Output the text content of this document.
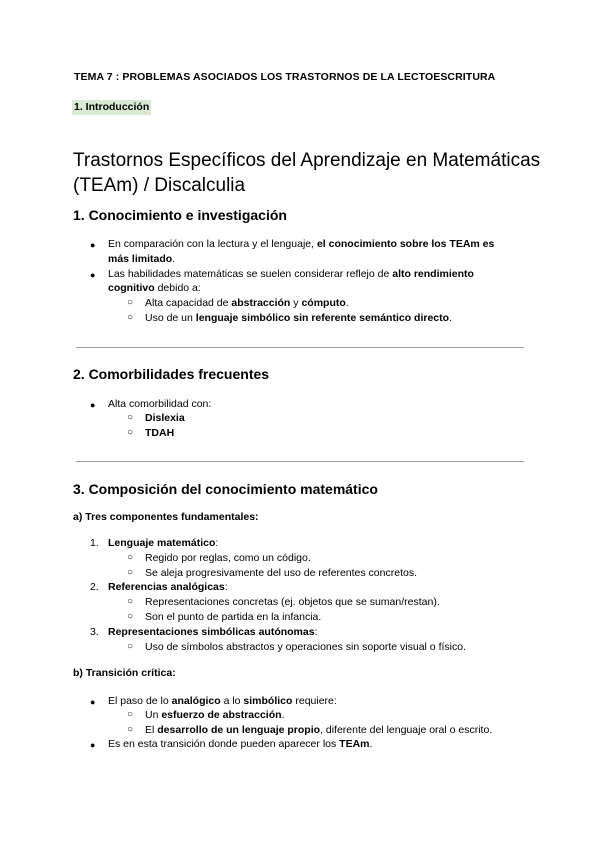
TEMA 7 : PROBLEMAS ASOCIADOS LOS TRASTORNOS DE LA LECTOESCRITURA
1. Introducción
Trastornos Específicos del Aprendizaje en Matemáticas (TEAm) / Discalculia
1. Conocimiento e investigación
● En comparación con la lectura y el lenguaje, el conocimiento sobre los TEAm es
más limitado.
● Las habilidades matemáticas se suelen considerar reflejo de alto rendimiento
cognitivo debido a:
○ Alta capacidad de abstracción y cómputo.
○ Uso de un lenguaje simbólico sin referente semántico directo.
2. Comorbilidades frecuentes
● Alta comorbilidad con:
○ Dislexia
○ TDAH
3. Composición del conocimiento matemático
a) Tres componentes fundamentales:
1. Lenguaje matemático:
○ Regido por reglas, como un código.
○ Se aleja progresivamente del uso de referentes concretos.
2. Referencias analógicas:
○ Representaciones concretas (ej. objetos que se suman/restan).
○ Son el punto de partida en la infancia.
3. Representaciones simbólicas autónomas:
○ Uso de símbolos abstractos y operaciones sin soporte visual o físico.
b) Transición crítica:
● El paso de lo analógico a lo simbólico requiere:
○ Un esfuerzo de abstracción.
○ El desarrollo de un lenguaje propio, diferente del lenguaje oral o escrito.
● Es en esta transición donde pueden aparecer los TEAm.
